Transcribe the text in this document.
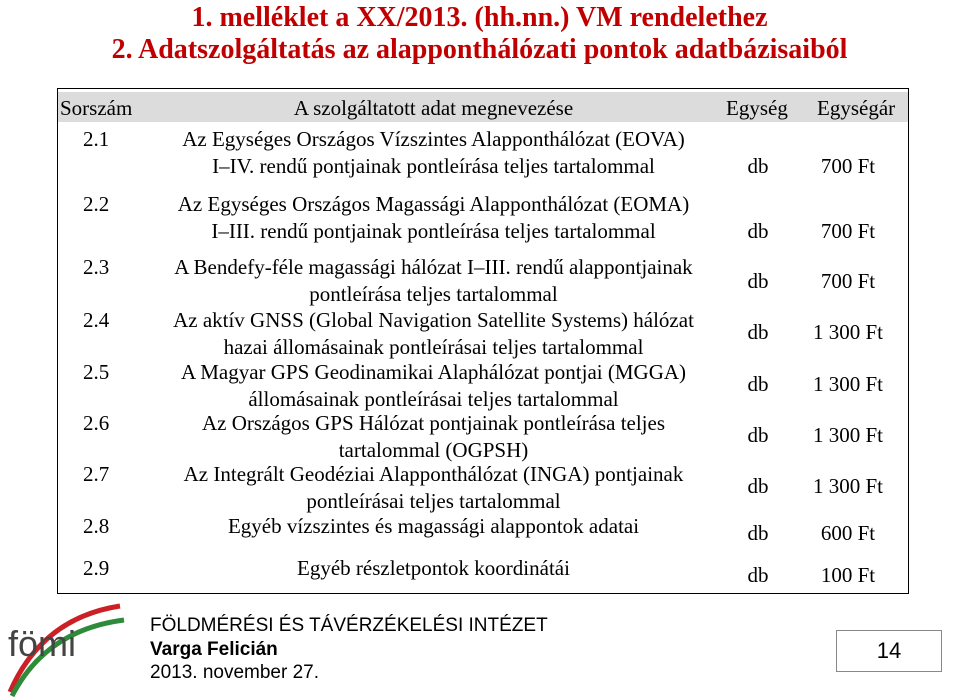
1. melléklet a XX/2013. (hh.nn.) VM rendelethez
2. Adatszolgáltatás az alapponthálózati pontok adatbázisaiból
Sorszám	A szolgáltatott adat megnevezése	Egység Egységár
2.1	Az Egységes Országos Vízszintes Alapponthálózat (EOVA)
I–IV. rendű pontjainak pontleírása teljes tartalommal	db	700 Ft
2.2	Az Egységes Országos Magassági Alapponthálózat (EOMA)
I–III. rendű pontjainak pontleírása teljes tartalommal	db	700 Ft
2.3	A Bendefy-féle magassági hálózat I–III. rendű alappontjainak
pontleírása teljes tartalommal
db	700 Ft
2.4	Az aktív GNSS (Global Navigation Satellite Systems) hálózat
hazai állomásainak pontleírásai teljes tartalommal
db	1 300 Ft
2.5	A Magyar GPS Geodinamikai Alaphálózat pontjai (MGGA)
állomásainak pontleírásai teljes tartalommal
db	1 300 Ft
2.6	Az Országos GPS Hálózat pontjainak pontleírása teljes
tartalommal (OGPSH)
db	1 300 Ft
2.7	Az Integrált Geodéziai Alapponthálózat (INGA) pontjainak
pontleírásai teljes tartalommal
db	1 300 Ft
2.8	Egyéb vízszintes és magassági alappontok adatai	db	600 Ft
2.9	Egyéb részletpontok koordinátái	db	100 Ft
fömi	FÖLDMÉRÉSI ÉS TÁVÉRZÉKELÉSI INTÉZET
Varga Felicián
2013. november 27.
14
